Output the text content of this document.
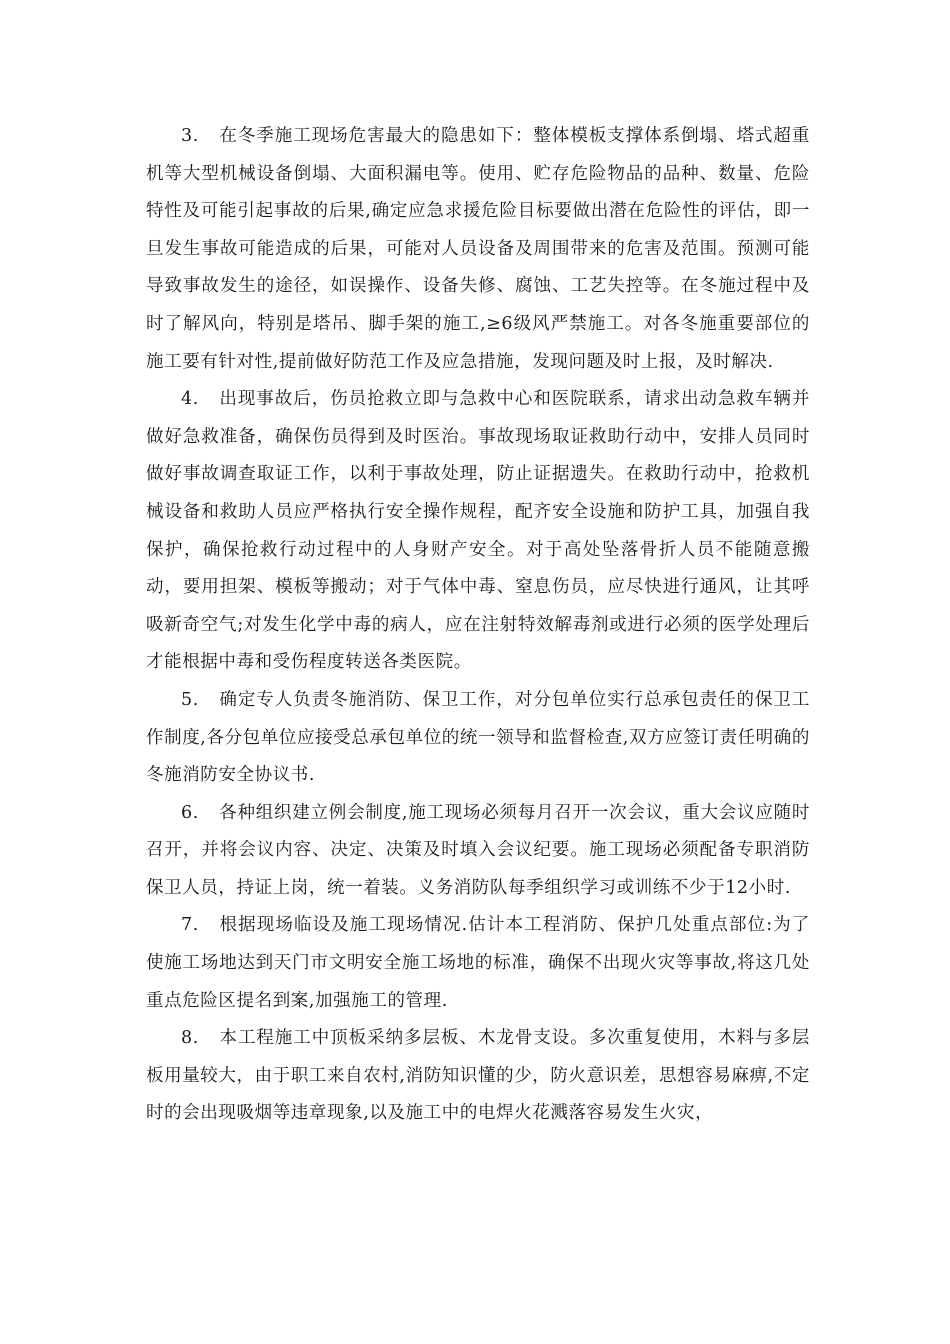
3. 在冬季施工现场危害最大的隐患如下：整体模板支撑体系倒塌、塔式超重机等大型机械设备倒塌、大面积漏电等。使用、贮存危险物品的品种、数量、危险特性及可能引起事故的后果,确定应急求援危险目标要做出潜在危险性的评估，即一旦发生事故可能造成的后果，可能对人员设备及周围带来的危害及范围。预测可能导致事故发生的途径，如误操作、设备失修、腐蚀、工艺失控等。在冬施过程中及时了解风向，特别是塔吊、脚手架的施工,≥6级风严禁施工。对各冬施重要部位的施工要有针对性,提前做好防范工作及应急措施，发现问题及时上报，及时解决.

4. 出现事故后，伤员抢救立即与急救中心和医院联系，请求出动急救车辆并做好急救准备，确保伤员得到及时医治。事故现场取证救助行动中，安排人员同时做好事故调查取证工作，以利于事故处理，防止证据遗失。在救助行动中，抢救机械设备和救助人员应严格执行安全操作规程，配齐安全设施和防护工具，加强自我保护，确保抢救行动过程中的人身财产安全。对于高处坠落骨折人员不能随意搬动，要用担架、模板等搬动；对于气体中毒、窒息伤员，应尽快进行通风，让其呼吸新奇空气;对发生化学中毒的病人，应在注射特效解毒剂或进行必须的医学处理后才能根据中毒和受伤程度转送各类医院。

5. 确定专人负责冬施消防、保卫工作，对分包单位实行总承包责任的保卫工作制度,各分包单位应接受总承包单位的统一领导和监督检查,双方应签订责任明确的冬施消防安全协议书.

6. 各种组织建立例会制度,施工现场必须每月召开一次会议，重大会议应随时召开，并将会议内容、决定、决策及时填入会议纪要。施工现场必须配备专职消防保卫人员，持证上岗，统一着装。义务消防队每季组织学习或训练不少于12小时.

7. 根据现场临设及施工现场情况.估计本工程消防、保护几处重点部位:为了使施工场地达到天门市文明安全施工场地的标准，确保不出现火灾等事故,将这几处重点危险区提名到案,加强施工的管理.

8. 本工程施工中顶板采纳多层板、木龙骨支设。多次重复使用，木料与多层板用量较大，由于职工来自农村,消防知识懂的少，防火意识差，思想容易麻痹,不定时的会出现吸烟等违章现象,以及施工中的电焊火花溅落容易发生火灾，
